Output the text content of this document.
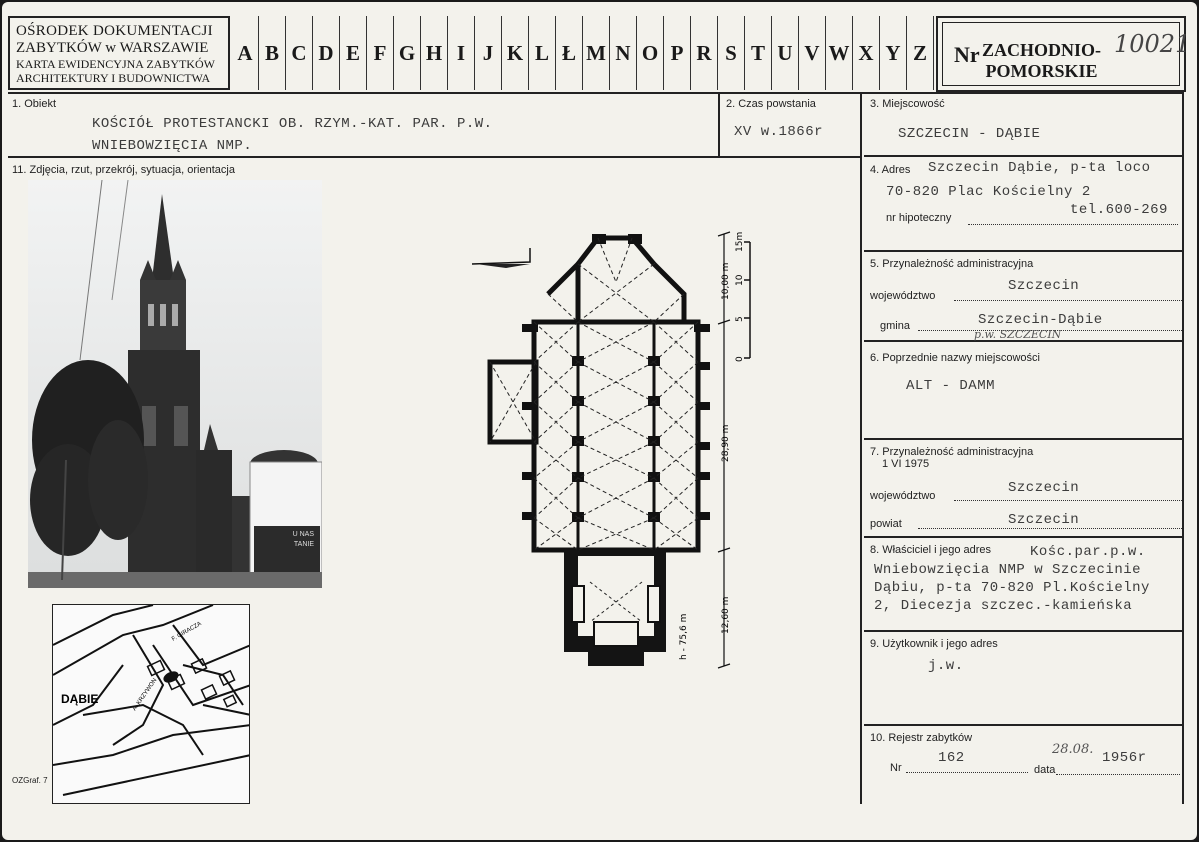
OŚRODEK DOKUMENTACJI
ZABYTKÓW w WARSZAWIE
KARTA EWIDENCYJNA ZABYTKÓW
ARCHITEKTURY I BUDOWNICTWA
A B C D E F G H I J K L Ł M N O P R S T U V W X Y Z	Nr ZACHODNIO-
POMORSKIE
10021
1. Obiekt
KOŚCIÓŁ PROTESTANCKI OB. RZYM.-KAT. PAR. P.W.
WNIEBOWZIĘCIA NMP.
2. Czas powstania
XV w.1866r
3. Miejscowość
SZCZECIN - DĄBIE
11. Zdjęcia, rzut, przekrój, sytuacja, orientacja
U NAS
TANIE
DĄBIE
F. GIRACZA
A. KRZYWON
0
5
10
15m
10,00 m
28,90 m
12,60 m
h - 75,6 m
4. Adres Szczecin Dąbie, p-ta loco
70-820 Plac Kościelny 2
nr hipoteczny	tel.600-269
5. Przynależność administracyjna
województwo
Szczecin
gmina	Szczecin-Dąbie
p.w. SZCZECIN
6. Poprzednie nazwy miejscowości
ALT - DAMM
7. Przynależność administracyjna
1 VI 1975
województwo	Szczecin
powiat	Szczecin
8. Właściciel i jego adres	Kośc.par.p.w.
Wniebowzięcia NMP w Szczecinie
Dąbiu, p-ta 70-820 Pl.Kościelny
2, Diecezja szczec.-kamieńska
9. Użytkownik i jego adres
j.w.
10. Rejestr zabytków
Nr
162
data
28.08.
1956r
OZGraf. 7
